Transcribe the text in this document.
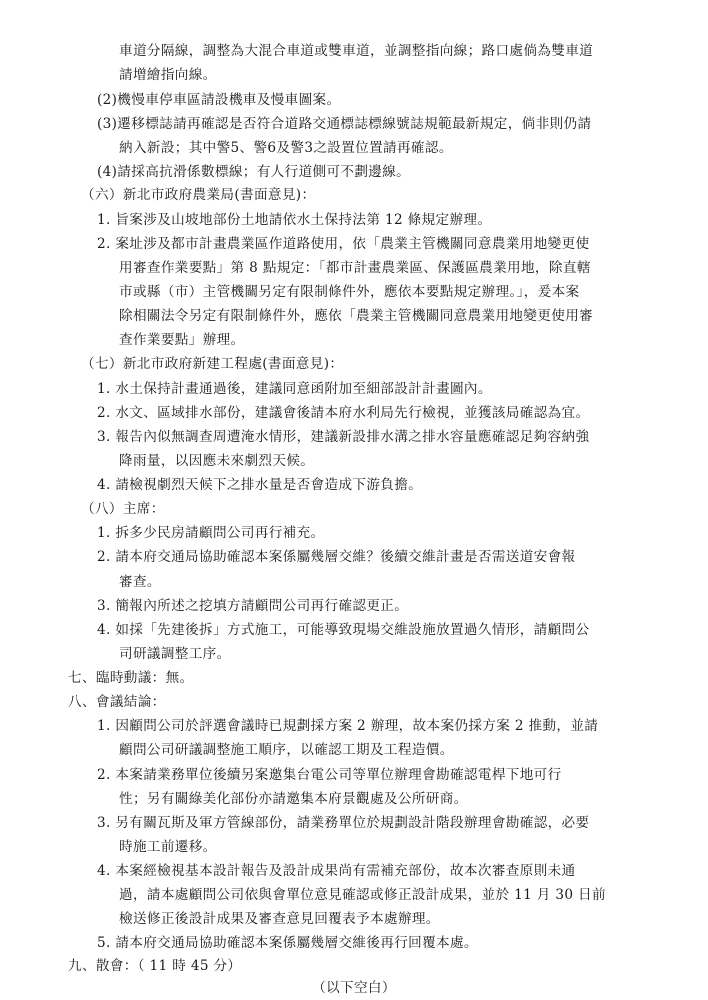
車道分隔線，調整為大混合車道或雙車道，並調整指向線；路口處倘為雙車道
請增繪指向線。
(2)機慢車停車區請設機車及慢車圖案。
(3)遷移標誌請再確認是否符合道路交通標誌標線號誌規範最新規定，倘非則仍請
納入新設；其中警5、警6及警3之設置位置請再確認。
(4)請採高抗滑係數標線；有人行道側可不劃邊線。
（六）新北市政府農業局(書面意見)：
1. 旨案涉及山坡地部份土地請依水土保持法第 12 條規定辦理。
2. 案址涉及都市計畫農業區作道路使用，依「農業主管機關同意農業用地變更使
用審查作業要點」第 8 點規定：「都市計畫農業區、保護區農業用地，除直轄
市或縣（市）主管機關另定有限制條件外，應依本要點規定辦理。」，爰本案
除相關法令另定有限制條件外，應依「農業主管機關同意農業用地變更使用審
查作業要點」辦理。
（七）新北市政府新建工程處(書面意見)：
1. 水土保持計畫通過後，建議同意函附加至細部設計計畫圖內。
2. 水文、區域排水部份，建議會後請本府水利局先行檢視，並獲該局確認為宜。
3. 報告內似無調查周遭淹水情形，建議新設排水溝之排水容量應確認足夠容納強
降雨量，以因應未來劇烈天候。
4. 請檢視劇烈天候下之排水量是否會造成下游負擔。
（八）主席：
1. 拆多少民房請顧問公司再行補充。
2. 請本府交通局協助確認本案係屬幾層交維？後續交維計畫是否需送道安會報
審查。
3. 簡報內所述之挖填方請顧問公司再行確認更正。
4. 如採「先建後拆」方式施工，可能導致現場交維設施放置過久情形，請顧問公
司研議調整工序。
七、臨時動議：無。
八、會議結論：
1. 因顧問公司於評選會議時已規劃採方案 2 辦理，故本案仍採方案 2 推動，並請
顧問公司研議調整施工順序，以確認工期及工程造價。
2. 本案請業務單位後續另案邀集台電公司等單位辦理會勘確認電桿下地可行
性；另有關綠美化部份亦請邀集本府景觀處及公所研商。
3. 另有關瓦斯及軍方管線部份，請業務單位於規劃設計階段辦理會勘確認，必要
時施工前遷移。
4. 本案經檢視基本設計報告及設計成果尚有需補充部份，故本次審查原則未通
過，請本處顧問公司依與會單位意見確認或修正設計成果，並於 11 月 30 日前
檢送修正後設計成果及審查意見回覆表予本處辦理。
5. 請本府交通局協助確認本案係屬幾層交維後再行回覆本處。
九、散會：（ 11 時 45 分）
（以下空白）
